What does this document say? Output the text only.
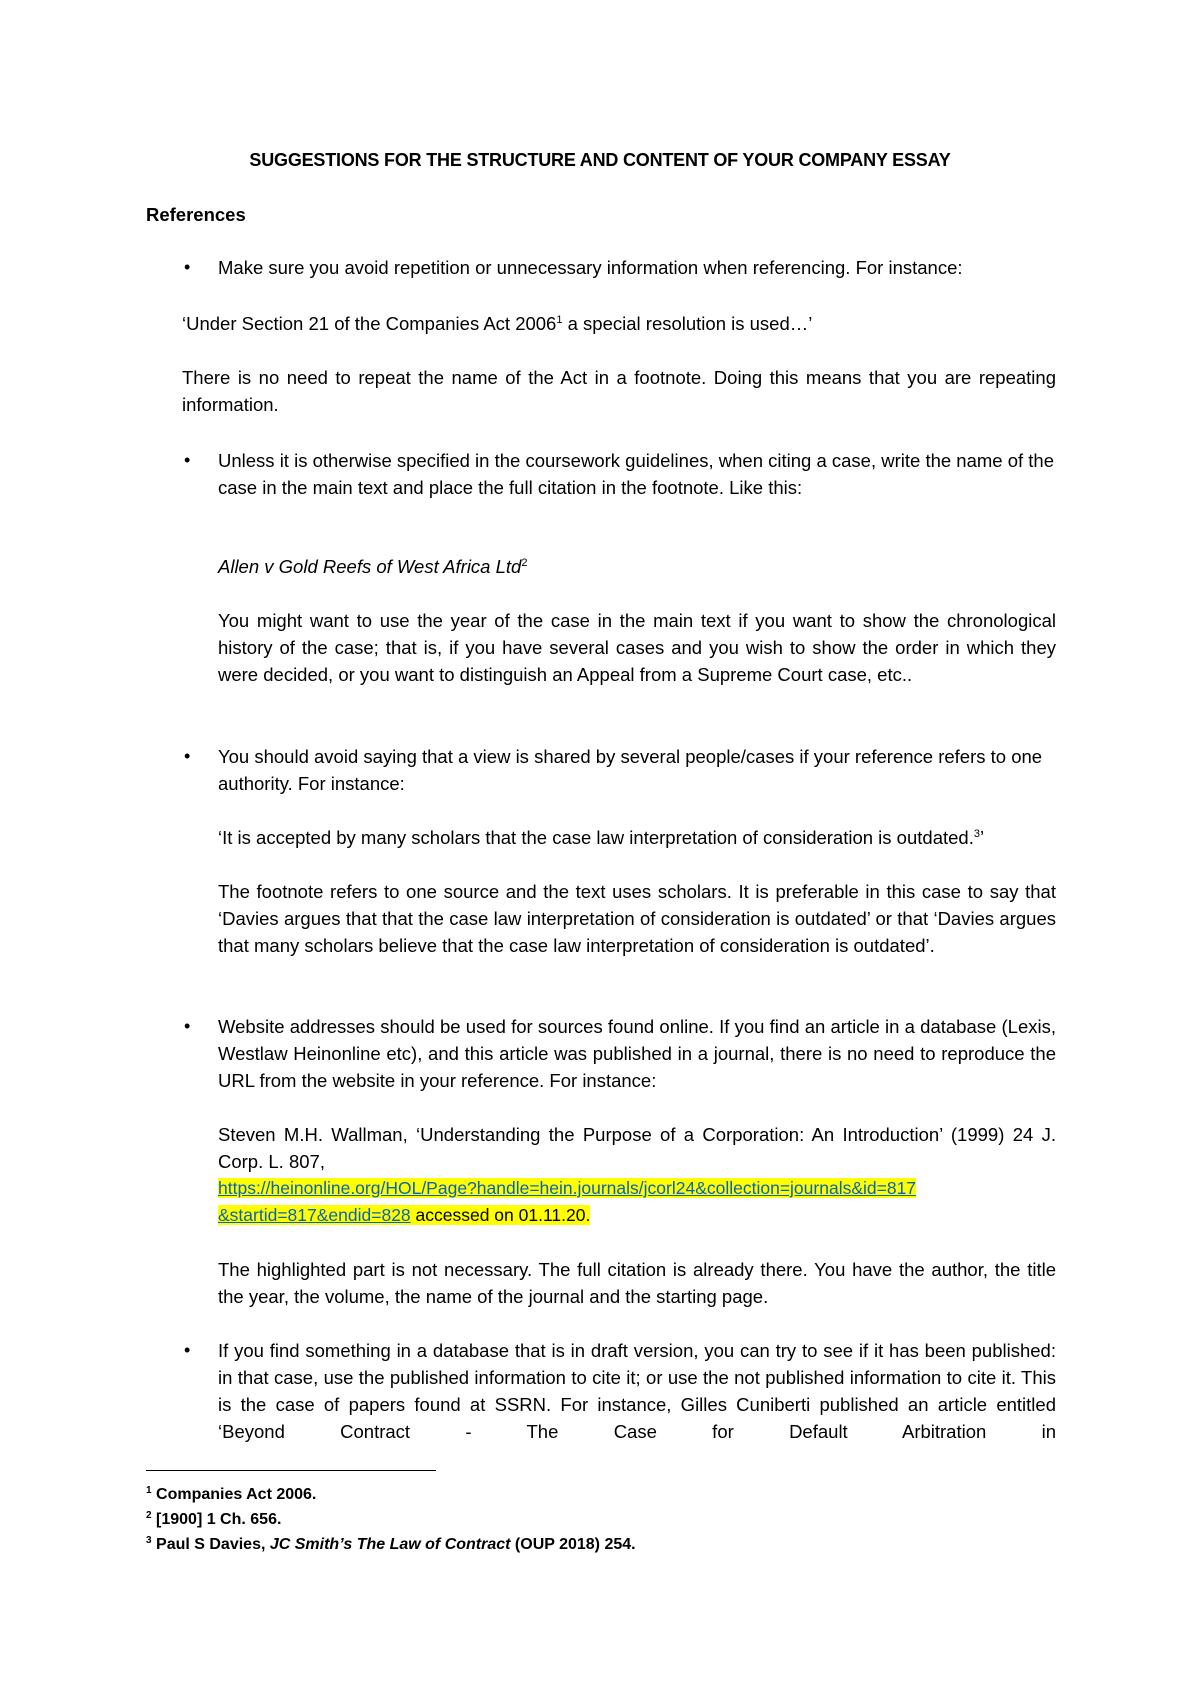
SUGGESTIONS FOR THE STRUCTURE AND CONTENT OF YOUR COMPANY ESSAY
References
• Make sure you avoid repetition or unnecessary information when referencing. For instance:
‘Under Section 21 of the Companies Act 2006$^1$ a special resolution is used…’
There is no need to repeat the name of the Act in a footnote. Doing this means that you are repeating information.
• Unless it is otherwise specified in the coursework guidelines, when citing a case, write the name of the case in the main text and place the full citation in the footnote. Like this:
Allen v Gold Reefs of West Africa Ltd$^2$
You might want to use the year of the case in the main text if you want to show the chronological history of the case; that is, if you have several cases and you wish to show the order in which they were decided, or you want to distinguish an Appeal from a Supreme Court case, etc..
• You should avoid saying that a view is shared by several people/cases if your reference refers to one authority. For instance:
‘It is accepted by many scholars that the case law interpretation of consideration is outdated.$^3$’
The footnote refers to one source and the text uses scholars. It is preferable in this case to say that ‘Davies argues that that the case law interpretation of consideration is outdated’ or that ‘Davies argues that many scholars believe that the case law interpretation of consideration is outdated’.
• Website addresses should be used for sources found online. If you find an article in a database (Lexis, Westlaw Heinonline etc), and this article was published in a journal, there is no need to reproduce the URL from the website in your reference. For instance:
Steven M.H. Wallman, ‘Understanding the Purpose of a Corporation: An Introduction’ (1999) 24 J. Corp. L. 807,
https://heinonline.org/HOL/Page?handle=hein.journals/jcorl24&collection=journals&id=817
&startid=817&endid=828 accessed on 01.11.20.
The highlighted part is not necessary. The full citation is already there. You have the author, the title the year, the volume, the name of the journal and the starting page.
• If you find something in a database that is in draft version, you can try to see if it has been published: in that case, use the published information to cite it; or use the not published information to cite it. This is the case of papers found at SSRN. For instance, Gilles Cuniberti published an article entitled ‘Beyond Contract - The Case for Default Arbitration in
$^1$ Companies Act 2006.
$^2$ [1900] 1 Ch. 656.
$^3$ Paul S Davies, JC Smith’s The Law of Contract (OUP 2018) 254.
